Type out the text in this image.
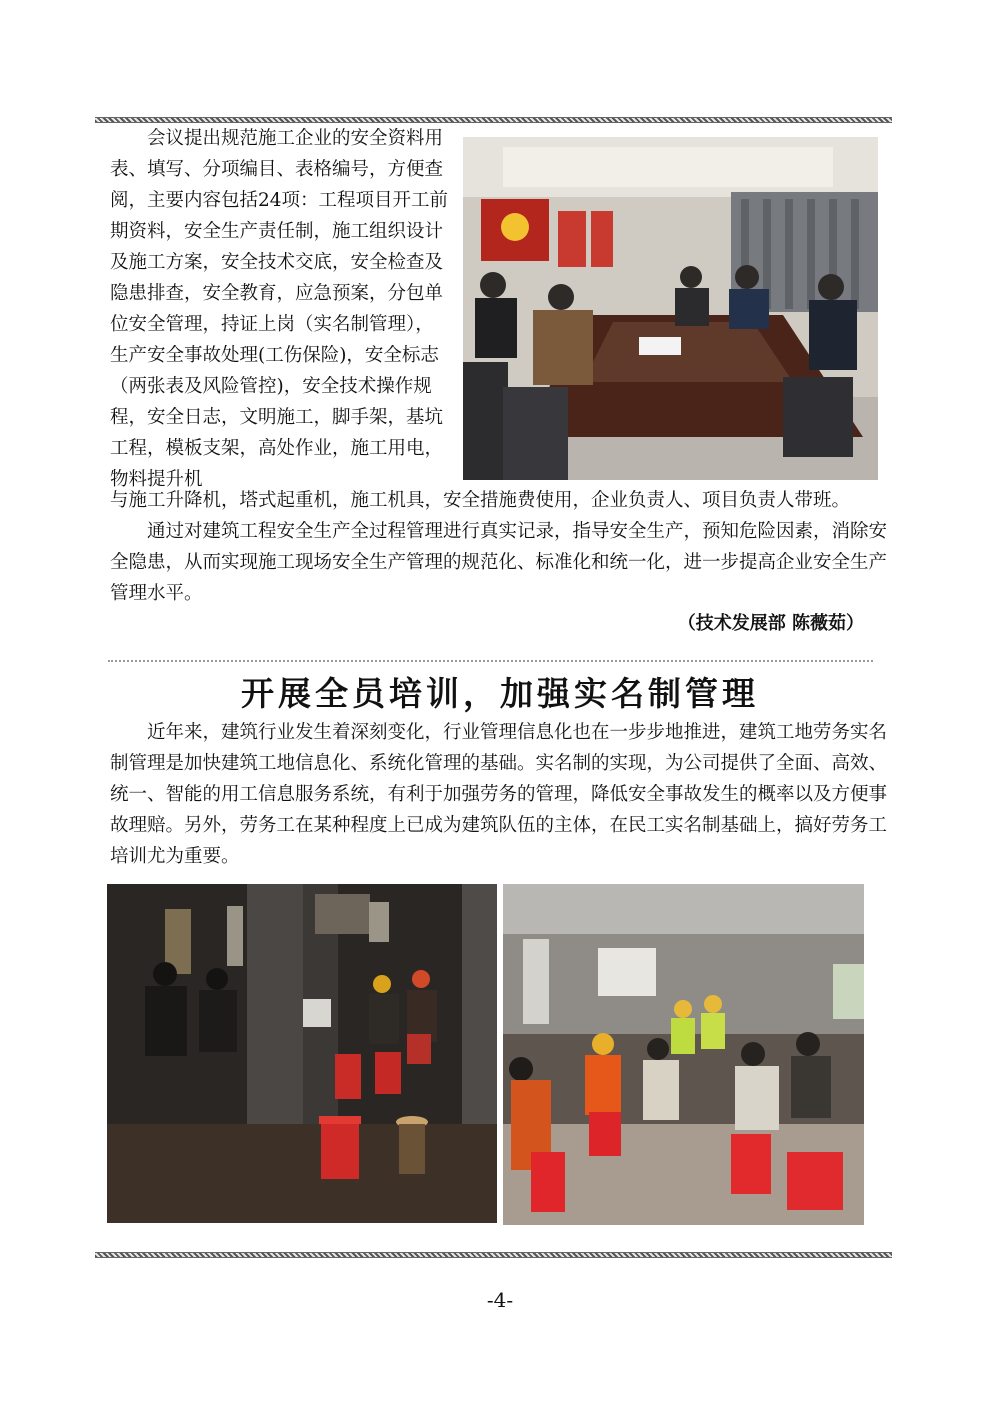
会议提出规范施工企业的安全资料用表、填写、分项编目、表格编号，方便查阅，主要内容包括24项：工程项目开工前期资料，安全生产责任制，施工组织设计及施工方案，安全技术交底，安全检查及隐患排查，安全教育，应急预案，分包单位安全管理，持证上岗（实名制管理），生产安全事故处理(工伤保险)，安全标志（两张表及风险管控)，安全技术操作规程，安全日志，文明施工，脚手架，基坑工程，模板支架，高处作业，施工用电，物料提升机

与施工升降机，塔式起重机，施工机具，安全措施费使用，企业负责人、项目负责人带班。

通过对建筑工程安全生产全过程管理进行真实记录，指导安全生产，预知危险因素，消除安全隐患，从而实现施工现场安全生产管理的规范化、标准化和统一化，进一步提高企业安全生产管理水平。

（技术发展部 陈薇茹）
开展全员培训，加强实名制管理

近年来，建筑行业发生着深刻变化，行业管理信息化也在一步步地推进，建筑工地劳务实名制管理是加快建筑工地信息化、系统化管理的基础。实名制的实现，为公司提供了全面、高效、统一、智能的用工信息服务系统，有利于加强劳务的管理，降低安全事故发生的概率以及方便事故理赔。另外，劳务工在某种程度上已成为建筑队伍的主体，在民工实名制基础上，搞好劳务工培训尤为重要。

-4-
